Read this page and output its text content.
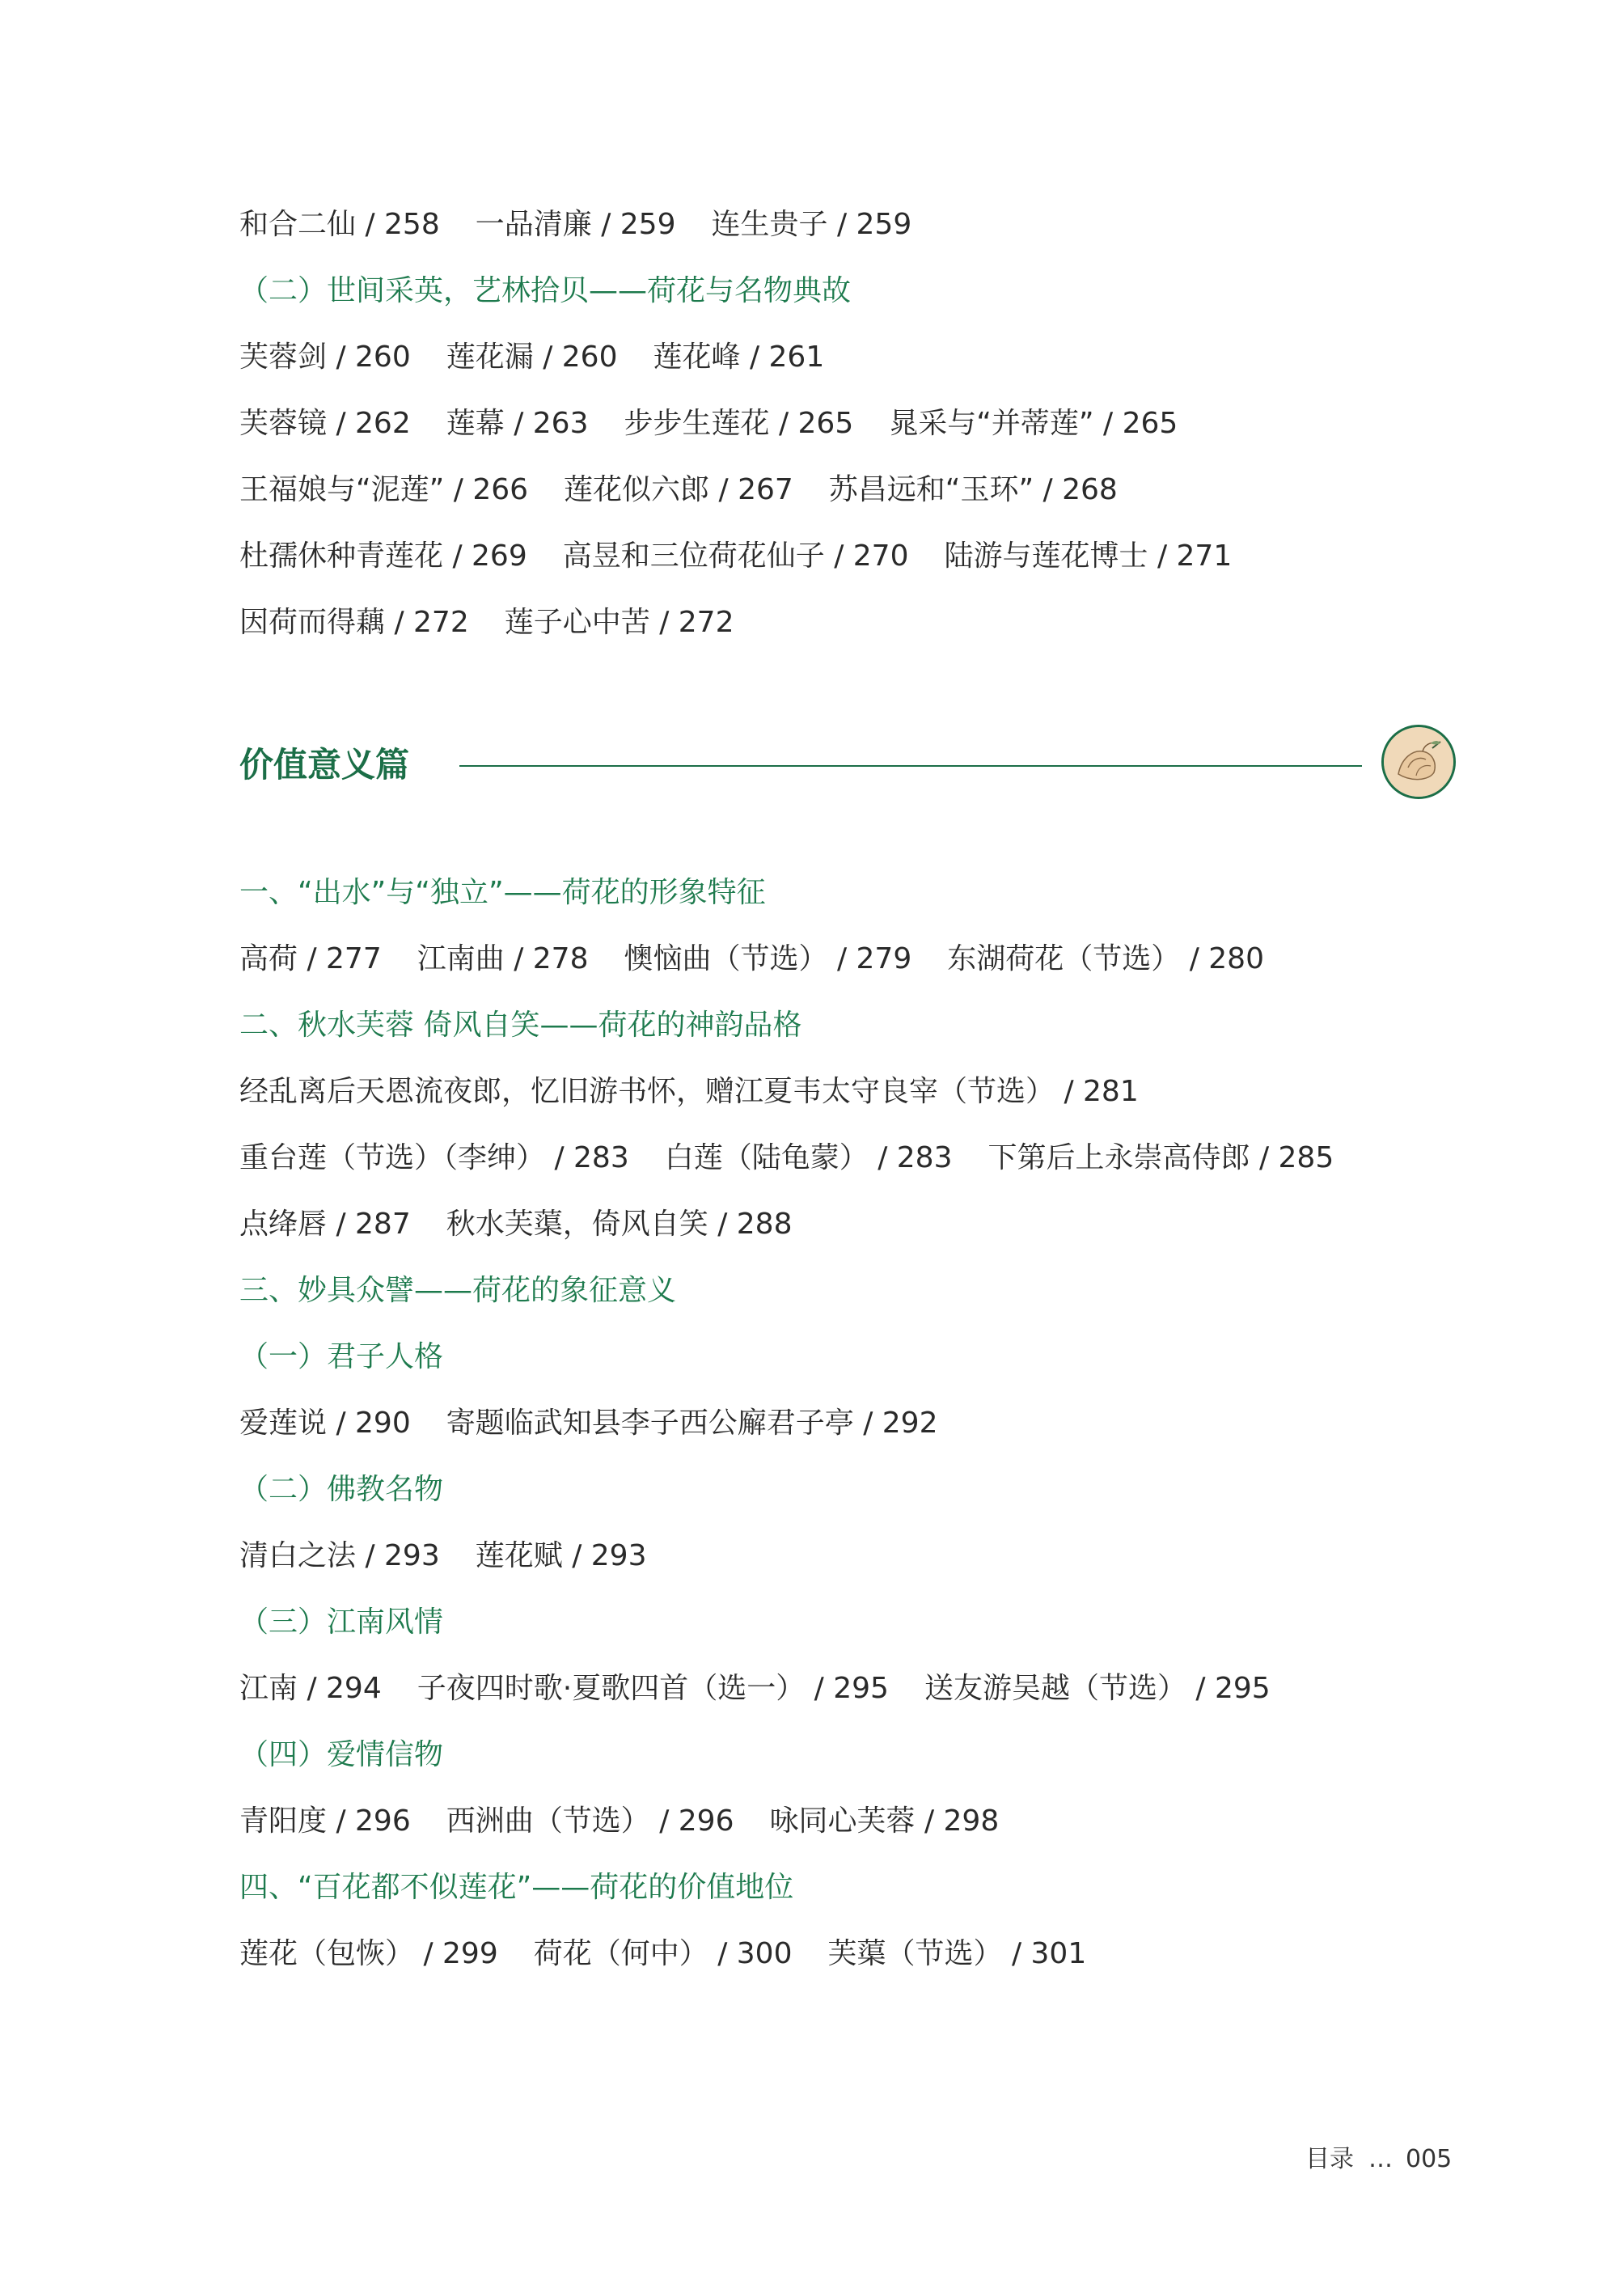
和合二仙 / 258 一品清廉 / 259 连生贵子 / 259
（二）世间采英，艺林拾贝——荷花与名物典故
芙蓉剑 / 260 莲花漏 / 260 莲花峰 / 261
芙蓉镜 / 262 莲幕 / 263 步步生莲花 / 265 晁采与“并蒂莲” / 265
王福娘与“泥莲” / 266 莲花似六郎 / 267 苏昌远和“玉环” / 268
杜孺休种青莲花 / 269 高昱和三位荷花仙子 / 270 陆游与莲花博士 / 271
因荷而得藕 / 272 莲子心中苦 / 272
一、“出水”与“独立”——荷花的形象特征
高荷 / 277 江南曲 / 278 懊恼曲（节选） / 279 东湖荷花（节选） / 280
二、秋水芙蓉 倚风自笑——荷花的神韵品格
经乱离后天恩流夜郎，忆旧游书怀，赠江夏韦太守良宰（节选） / 281
重台莲（节选）（李绅） / 283 白莲（陆龟蒙） / 283 下第后上永崇高侍郎 / 285
点绛唇 / 287 秋水芙蕖，倚风自笑 / 288
三、妙具众譬——荷花的象征意义
（一）君子人格
爱莲说 / 290 寄题临武知县李子西公廨君子亭 / 292
（二）佛教名物
清白之法 / 293 莲花赋 / 293
（三）江南风情
江南 / 294 子夜四时歌·夏歌四首（选一） / 295 送友游吴越（节选） / 295
（四）爱情信物
青阳度 / 296 西洲曲（节选） / 296 咏同心芙蓉 / 298
四、“百花都不似莲花”——荷花的价值地位
莲花（包恢） / 299 荷花（何中） / 300 芙蕖（节选） / 301
价值意义篇
目录 … 005
